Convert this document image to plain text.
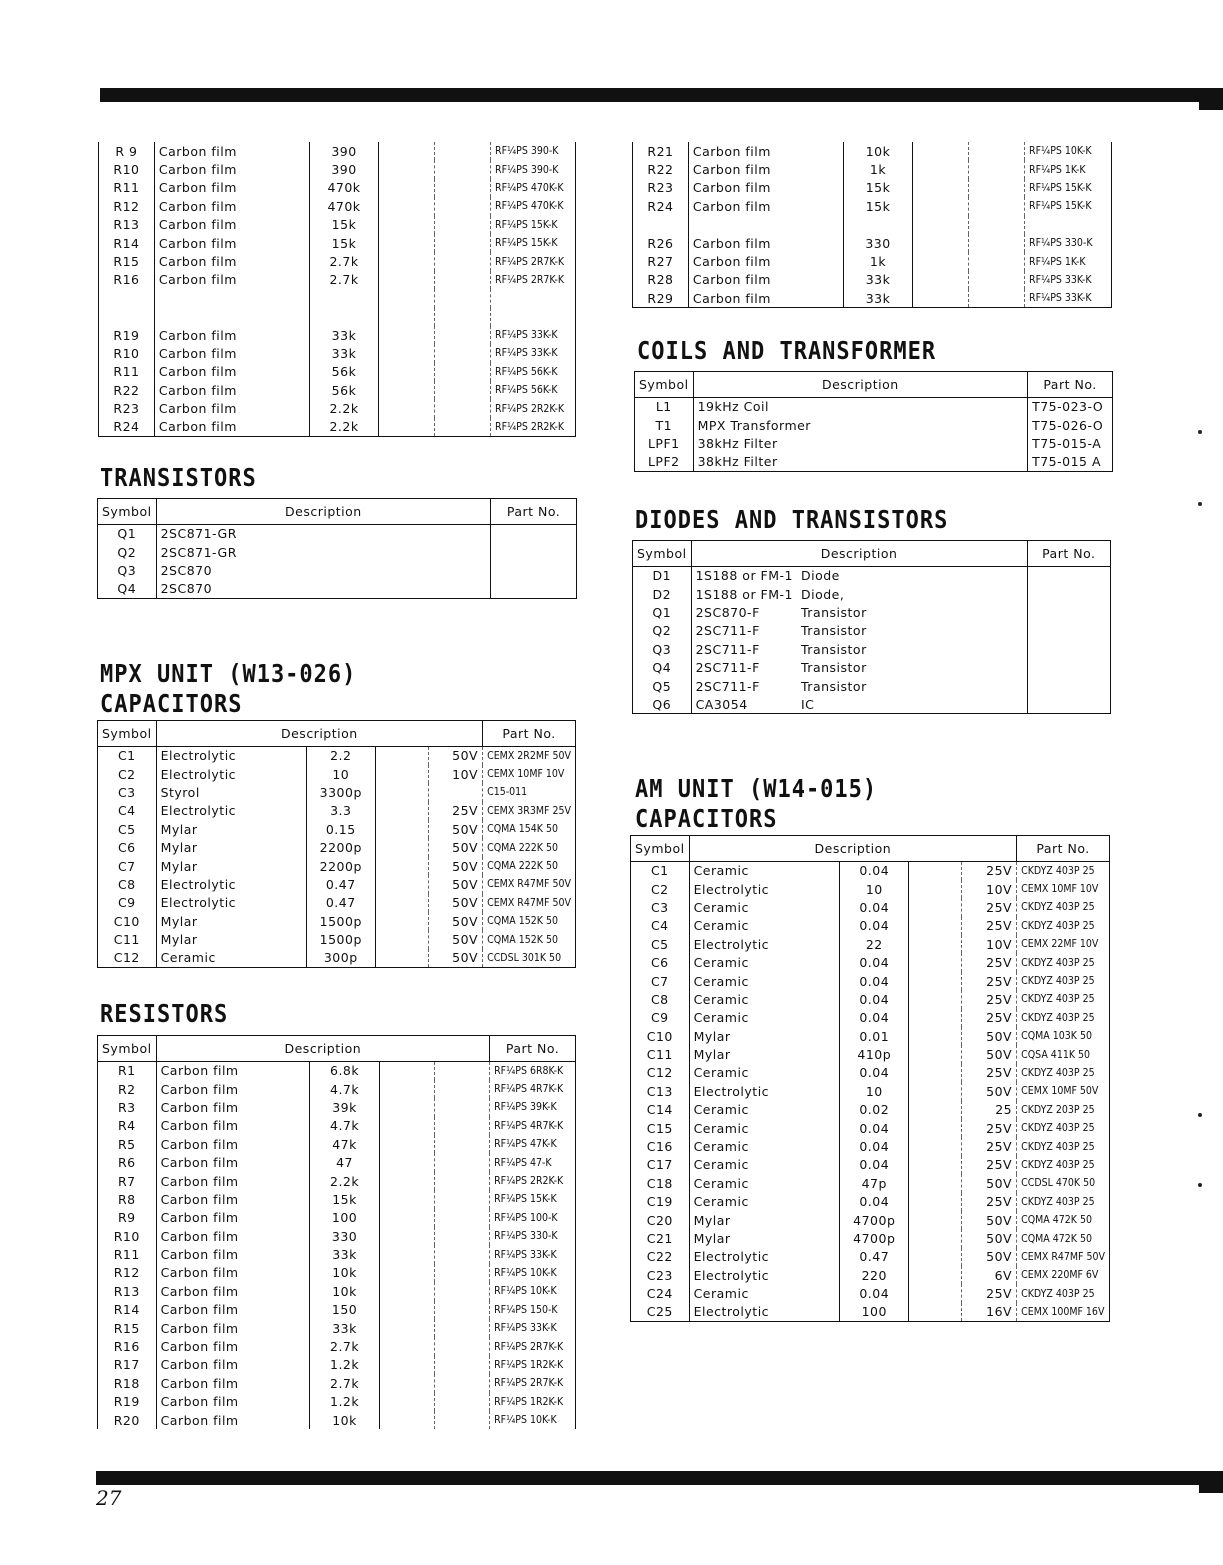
27
R 9	Carbon film	390			RF¼PS 390-K
R10	Carbon film	390			RF¼PS 390-K
R11	Carbon film	470k			RF¼PS 470K-K
R12	Carbon film	470k			RF¼PS 470K-K
R13	Carbon film	15k			RF¼PS 15K-K
R14	Carbon film	15k			RF¼PS 15K-K
R15	Carbon film	2.7k			RF¼PS 2R7K-K
R16	Carbon film	2.7k			RF¼PS 2R7K-K

R19	Carbon film	33k			RF¼PS 33K-K
R10	Carbon film	33k			RF¼PS 33K-K
R11	Carbon film	56k			RF¼PS 56K-K
R22	Carbon film	56k			RF¼PS 56K-K
R23	Carbon film	2.2k			RF¼PS 2R2K-K
R24	Carbon film	2.2k			RF¼PS 2R2K-K
TRANSISTORS
Symbol	Description	Part No.
Q1	2SC871-GR	
Q2	2SC871-GR	
Q3	2SC870	
Q4	2SC870	
MPX UNIT (W13-026)
CAPACITORS
Symbol	Description				Part No.
C1	Electrolytic	2.2		50V	CEMX 2R2MF 50V
C2	Electrolytic	10		10V	CEMX 10MF 10V
C3	Styrol	3300p			C15-011
C4	Electrolytic	3.3		25V	CEMX 3R3MF 25V
C5	Mylar	0.15		50V	CQMA 154K 50
C6	Mylar	2200p		50V	CQMA 222K 50
C7	Mylar	2200p		50V	CQMA 222K 50
C8	Electrolytic	0.47		50V	CEMX R47MF 50V
C9	Electrolytic	0.47		50V	CEMX R47MF 50V
C10	Mylar	1500p		50V	CQMA 152K 50
C11	Mylar	1500p		50V	CQMA 152K 50
C12	Ceramic	300p		50V	CCDSL 301K 50
RESISTORS
Symbol	Description				Part No.
R1	Carbon film	6.8k			RF¼PS 6R8K-K
R2	Carbon film	4.7k			RF¼PS 4R7K-K
R3	Carbon film	39k			RF¼PS 39K-K
R4	Carbon film	4.7k			RF¼PS 4R7K-K
R5	Carbon film	47k			RF¼PS 47K-K
R6	Carbon film	47			RF¼PS 47-K
R7	Carbon film	2.2k			RF¼PS 2R2K-K
R8	Carbon film	15k			RF¼PS 15K-K
R9	Carbon film	100			RF¼PS 100-K
R10	Carbon film	330			RF¼PS 330-K
R11	Carbon film	33k			RF¼PS 33K-K
R12	Carbon film	10k			RF¼PS 10K-K
R13	Carbon film	10k			RF¼PS 10K-K
R14	Carbon film	150			RF¼PS 150-K
R15	Carbon film	33k			RF¼PS 33K-K
R16	Carbon film	2.7k			RF¼PS 2R7K-K
R17	Carbon film	1.2k			RF¼PS 1R2K-K
R18	Carbon film	2.7k			RF¼PS 2R7K-K
R19	Carbon film	1.2k			RF¼PS 1R2K-K
R20	Carbon film	10k			RF¼PS 10K-K
R21	Carbon film	10k			RF¼PS 10K-K
R22	Carbon film	1k			RF¼PS 1K-K
R23	Carbon film	15k			RF¼PS 15K-K
R24	Carbon film	15k			RF¼PS 15K-K

R26	Carbon film	330			RF¼PS 330-K
R27	Carbon film	1k			RF¼PS 1K-K
R28	Carbon film	33k			RF¼PS 33K-K
R29	Carbon film	33k			RF¼PS 33K-K
COILS AND TRANSFORMER
Symbol	Description	Part No.
L1	19kHz Coil	T75-023-O
T1	MPX Transformer	T75-026-O
LPF1	38kHz Filter	T75-015-A
LPF2	38kHz Filter	T75-015 A
DIODES AND TRANSISTORS
Symbol	Description		Part No.
D1	1S188 or FM-1	Diode	
D2	1S188 or FM-1	Diode,	
Q1	2SC870-F	Transistor	
Q2	2SC711-F	Transistor	
Q3	2SC711-F	Transistor	
Q4	2SC711-F	Transistor	
Q5	2SC711-F	Transistor	
Q6	CA3054	IC	
AM UNIT (W14-015)
CAPACITORS
Symbol	Description				Part No.
C1	Ceramic	0.04		25V	CKDYZ 403P 25
C2	Electrolytic	10		10V	CEMX 10MF 10V
C3	Ceramic	0.04		25V	CKDYZ 403P 25
C4	Ceramic	0.04		25V	CKDYZ 403P 25
C5	Electrolytic	22		10V	CEMX 22MF 10V
C6	Ceramic	0.04		25V	CKDYZ 403P 25
C7	Ceramic	0.04		25V	CKDYZ 403P 25
C8	Ceramic	0.04		25V	CKDYZ 403P 25
C9	Ceramic	0.04		25V	CKDYZ 403P 25
C10	Mylar	0.01		50V	CQMA 103K 50
C11	Mylar	410p		50V	CQSA 411K 50
C12	Ceramic	0.04		25V	CKDYZ 403P 25
C13	Electrolytic	10		50V	CEMX 10MF 50V
C14	Ceramic	0.02		25	CKDYZ 203P 25
C15	Ceramic	0.04		25V	CKDYZ 403P 25
C16	Ceramic	0.04		25V	CKDYZ 403P 25
C17	Ceramic	0.04		25V	CKDYZ 403P 25
C18	Ceramic	47p		50V	CCDSL 470K 50
C19	Ceramic	0.04		25V	CKDYZ 403P 25
C20	Mylar	4700p		50V	CQMA 472K 50
C21	Mylar	4700p		50V	CQMA 472K 50
C22	Electrolytic	0.47		50V	CEMX R47MF 50V
C23	Electrolytic	220		6V	CEMX 220MF 6V
C24	Ceramic	0.04		25V	CKDYZ 403P 25
C25	Electrolytic	100		16V	CEMX 100MF 16V
